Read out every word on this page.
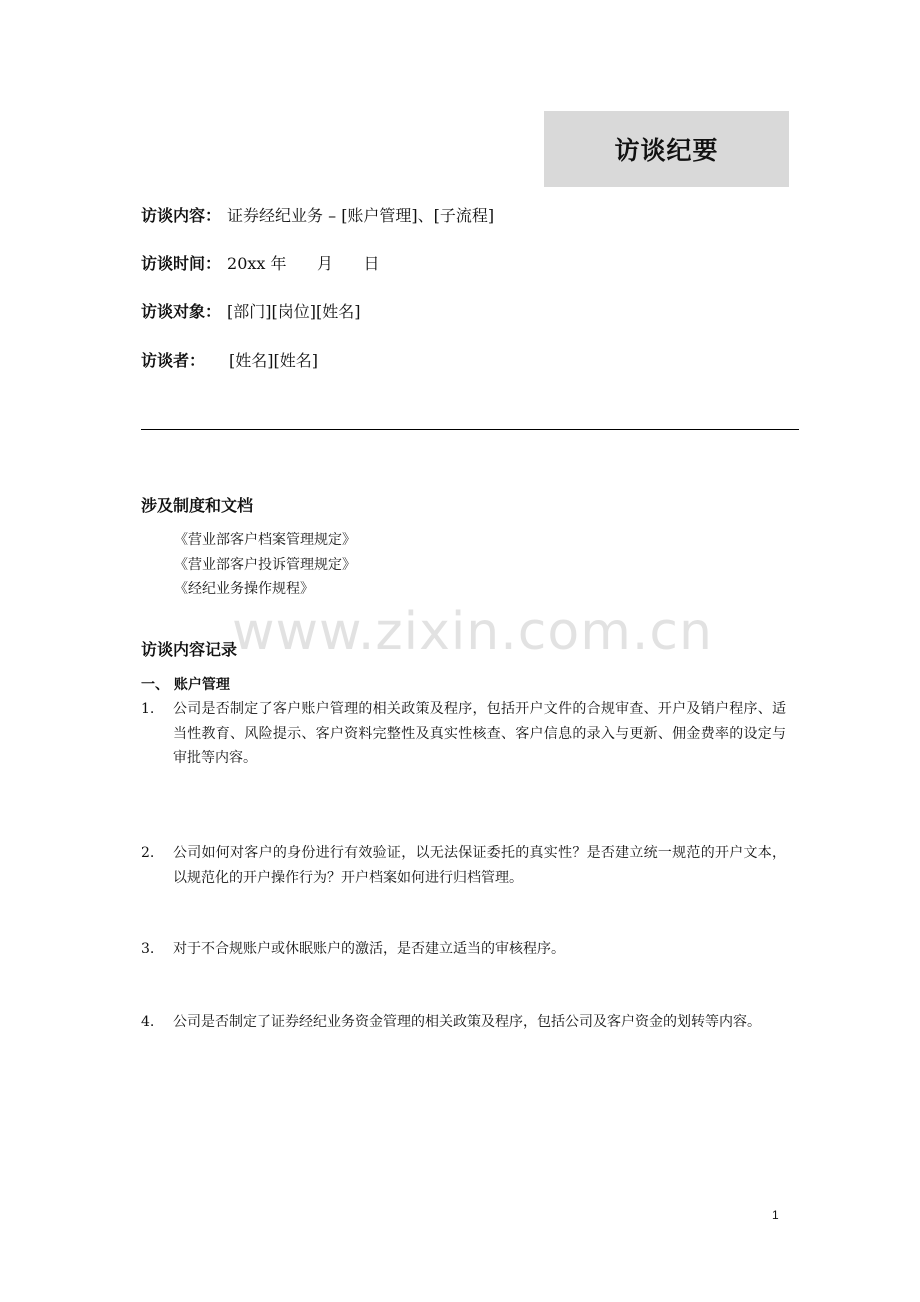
访谈纪要
访谈内容： 证券经纪业务 – [账户管理]、[子流程]
访谈时间： 20xx 年      月      日
访谈对象： [部门][岗位][姓名]
访谈者： [姓名][姓名]
涉及制度和文档
《营业部客户档案管理规定》
《营业部客户投诉管理规定》
《经纪业务操作规程》
www.zixin.com.cn
访谈内容记录
一、 账户管理
1. 公司是否制定了客户账户管理的相关政策及程序，包括开户文件的合规审查、开户及销户程序、适当性教育、风险提示、客户资料完整性及真实性核查、客户信息的录入与更新、佣金费率的设定与审批等内容。
2. 公司如何对客户的身份进行有效验证，以无法保证委托的真实性？是否建立统一规范的开户文本，以规范化的开户操作行为？开户档案如何进行归档管理。
3. 对于不合规账户或休眠账户的激活，是否建立适当的审核程序。
4. 公司是否制定了证券经纪业务资金管理的相关政策及程序，包括公司及客户资金的划转等内容。
1
